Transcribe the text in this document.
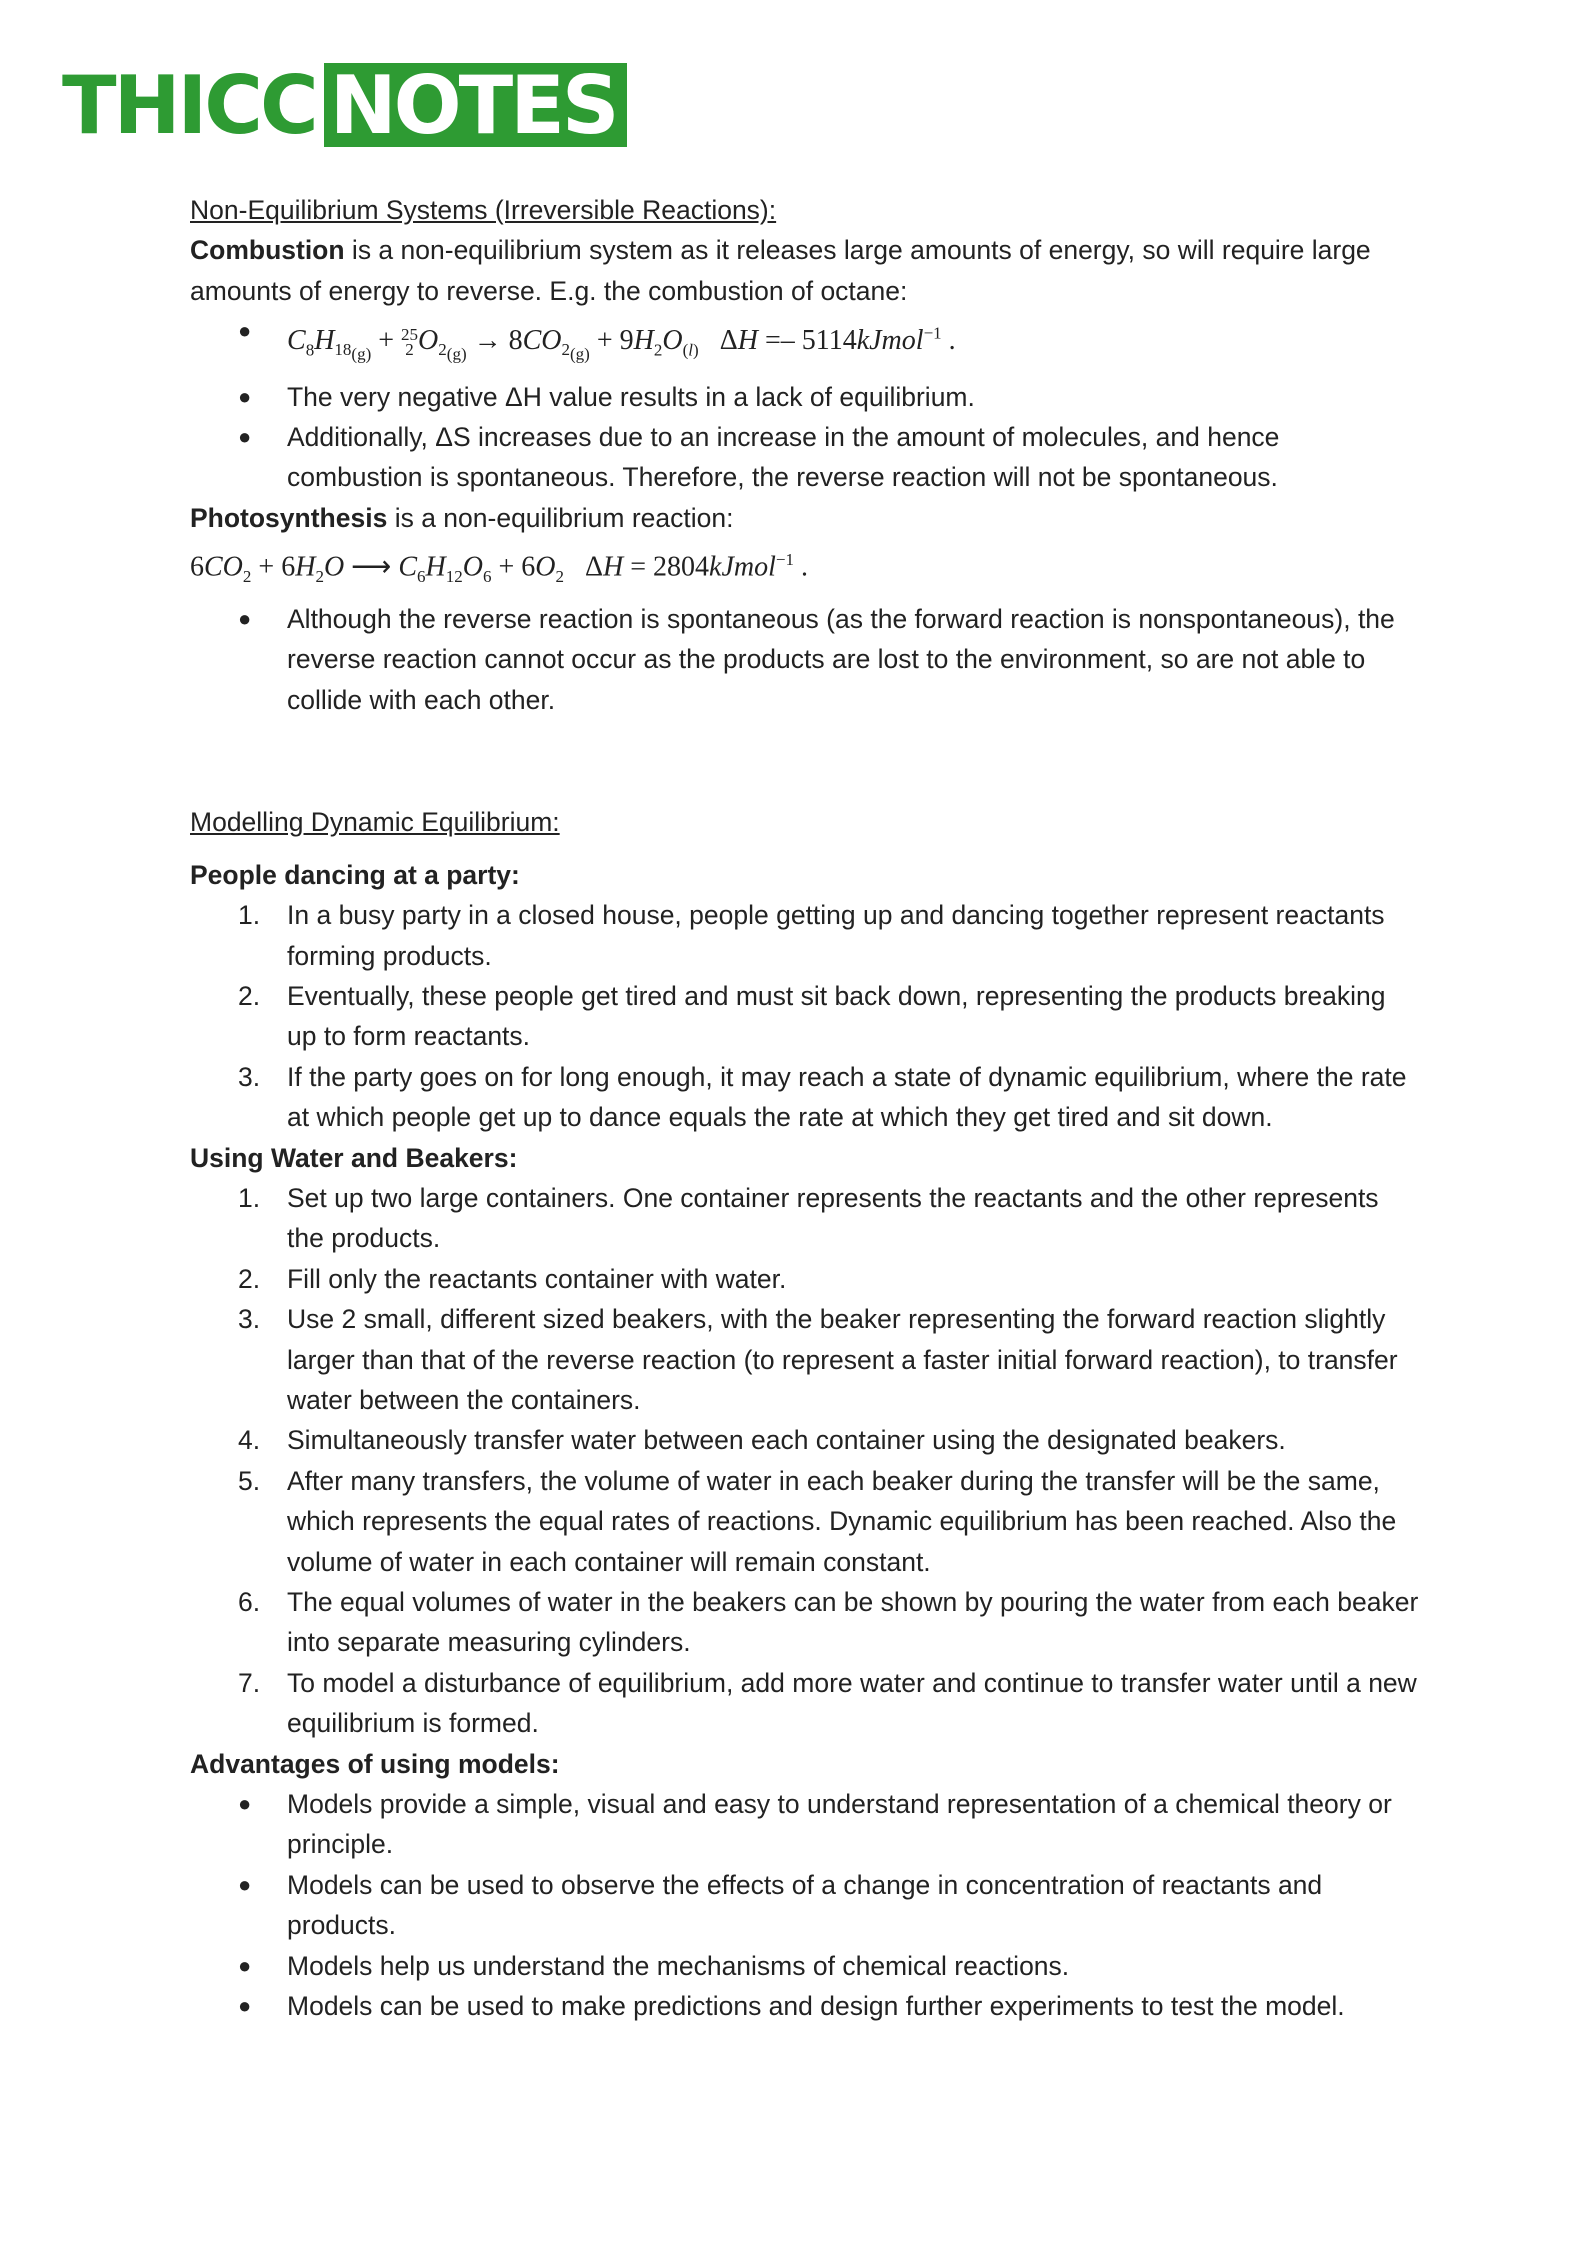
THICC NOTES
Non-Equilibrium Systems (Irreversible Reactions):
Combustion is a non-equilibrium system as it releases large amounts of energy, so will require large amounts of energy to reverse. E.g. the combustion of octane:
● $C_8H_{18_{(g)}} + 25$
2 $O_{2_{(g)}} \to 8CO_{2_{(g)}} + 9H_2O_{(l)}$ ΔH =– 5114kJmol$^{-1}$ .
● The very negative ΔH value results in a lack of equilibrium.
● Additionally, ΔS increases due to an increase in the amount of molecules, and hence combustion is spontaneous. Therefore, the reverse reaction will not be spontaneous.
Photosynthesis is a non-equilibrium reaction:
$6CO_2 + 6H_2O$ ⟶ $C_6H_{12}O_6 + 6O_2$ ΔH = 2804kJmol$^{-1}$ .
● Although the reverse reaction is spontaneous (as the forward reaction is nonspontaneous), the reverse reaction cannot occur as the products are lost to the environment, so are not able to collide with each other.
Modelling Dynamic Equilibrium:
People dancing at a party:
1. In a busy party in a closed house, people getting up and dancing together represent reactants forming products.
2. Eventually, these people get tired and must sit back down, representing the products breaking up to form reactants.
3. If the party goes on for long enough, it may reach a state of dynamic equilibrium, where the rate at which people get up to dance equals the rate at which they get tired and sit down.
Using Water and Beakers:
1. Set up two large containers. One container represents the reactants and the other represents the products.
2. Fill only the reactants container with water.
3. Use 2 small, different sized beakers, with the beaker representing the forward reaction slightly larger than that of the reverse reaction (to represent a faster initial forward reaction), to transfer water between the containers.
4. Simultaneously transfer water between each container using the designated beakers.
5. After many transfers, the volume of water in each beaker during the transfer will be the same, which represents the equal rates of reactions. Dynamic equilibrium has been reached. Also the volume of water in each container will remain constant.
6. The equal volumes of water in the beakers can be shown by pouring the water from each beaker into separate measuring cylinders.
7. To model a disturbance of equilibrium, add more water and continue to transfer water until a new equilibrium is formed.
Advantages of using models:
● Models provide a simple, visual and easy to understand representation of a chemical theory or principle.
● Models can be used to observe the effects of a change in concentration of reactants and products.
● Models help us understand the mechanisms of chemical reactions.
● Models can be used to make predictions and design further experiments to test the model.
